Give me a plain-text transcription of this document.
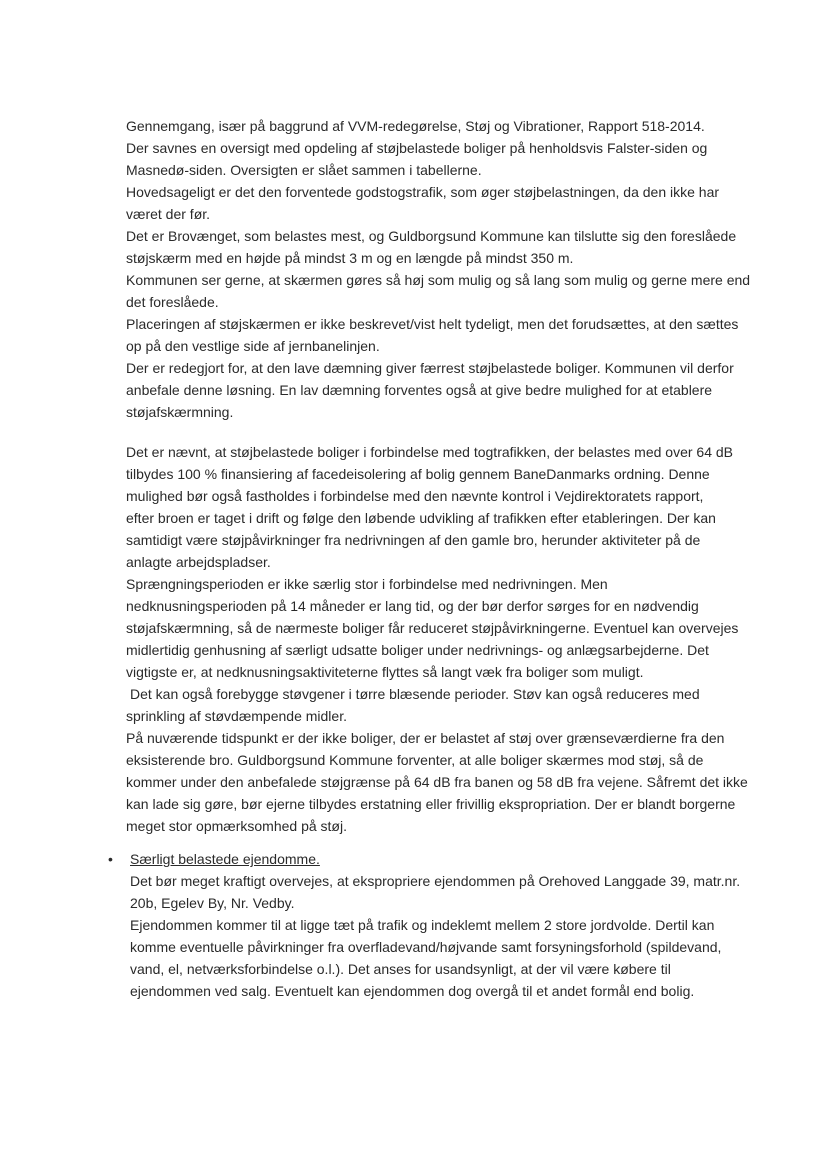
Gennemgang, især på baggrund af VVM-redegørelse, Støj og Vibrationer, Rapport 518-2014.
Der savnes en oversigt med opdeling af støjbelastede boliger på henholdsvis Falster-siden og
Masnedø-siden. Oversigten er slået sammen i tabellerne.
Hovedsageligt er det den forventede godstogstrafik, som øger støjbelastningen, da den ikke har
været der før.
Det er Brovænget, som belastes mest, og Guldborgsund Kommune kan tilslutte sig den foreslåede
støjskærm med en højde på mindst 3 m og en længde på mindst 350 m.
Kommunen ser gerne, at skærmen gøres så høj som mulig og så lang som mulig og gerne mere end
det foreslåede.
Placeringen af støjskærmen er ikke beskrevet/vist helt tydeligt, men det forudsættes, at den sættes
op på den vestlige side af jernbanelinjen.
Der er redegjort for, at den lave dæmning giver færrest støjbelastede boliger. Kommunen vil derfor
anbefale denne løsning. En lav dæmning forventes også at give bedre mulighed for at etablere
støjafskærmning.
Det er nævnt, at støjbelastede boliger i forbindelse med togtrafikken, der belastes med over 64 dB
tilbydes 100 % finansiering af facedeisolering af bolig gennem BaneDanmarks ordning. Denne
mulighed bør også fastholdes i forbindelse med den nævnte kontrol i Vejdirektoratets rapport,
efter broen er taget i drift og følge den løbende udvikling af trafikken efter etableringen. Der kan
samtidigt være støjpåvirkninger fra nedrivningen af den gamle bro, herunder aktiviteter på de
anlagte arbejdspladser.
Sprængningsperioden er ikke særlig stor i forbindelse med nedrivningen. Men
nedknusningsperioden på 14 måneder er lang tid, og der bør derfor sørges for en nødvendig
støjafskærmning, så de nærmeste boliger får reduceret støjpåvirkningerne. Eventuel kan overvejes
midlertidig genhusning af særligt udsatte boliger under nedrivnings- og anlægsarbejderne. Det
vigtigste er, at nedknusningsaktiviteterne flyttes så langt væk fra boliger som muligt.
Det kan også forebygge støvgener i tørre blæsende perioder. Støv kan også reduceres med
sprinkling af støvdæmpende midler.
På nuværende tidspunkt er der ikke boliger, der er belastet af støj over grænseværdierne fra den
eksisterende bro. Guldborgsund Kommune forventer, at alle boliger skærmes mod støj, så de
kommer under den anbefalede støjgrænse på 64 dB fra banen og 58 dB fra vejene. Såfremt det ikke
kan lade sig gøre, bør ejerne tilbydes erstatning eller frivillig ekspropriation. Der er blandt borgerne
meget stor opmærksomhed på støj.
• Særligt belastede ejendomme.
Det bør meget kraftigt overvejes, at ekspropriere ejendommen på Orehoved Langgade 39, matr.nr.
20b, Egelev By, Nr. Vedby.
Ejendommen kommer til at ligge tæt på trafik og indeklemt mellem 2 store jordvolde. Dertil kan
komme eventuelle påvirkninger fra overfladevand/højvande samt forsyningsforhold (spildevand,
vand, el, netværksforbindelse o.l.). Det anses for usandsynligt, at der vil være købere til
ejendommen ved salg. Eventuelt kan ejendommen dog overgå til et andet formål end bolig.
